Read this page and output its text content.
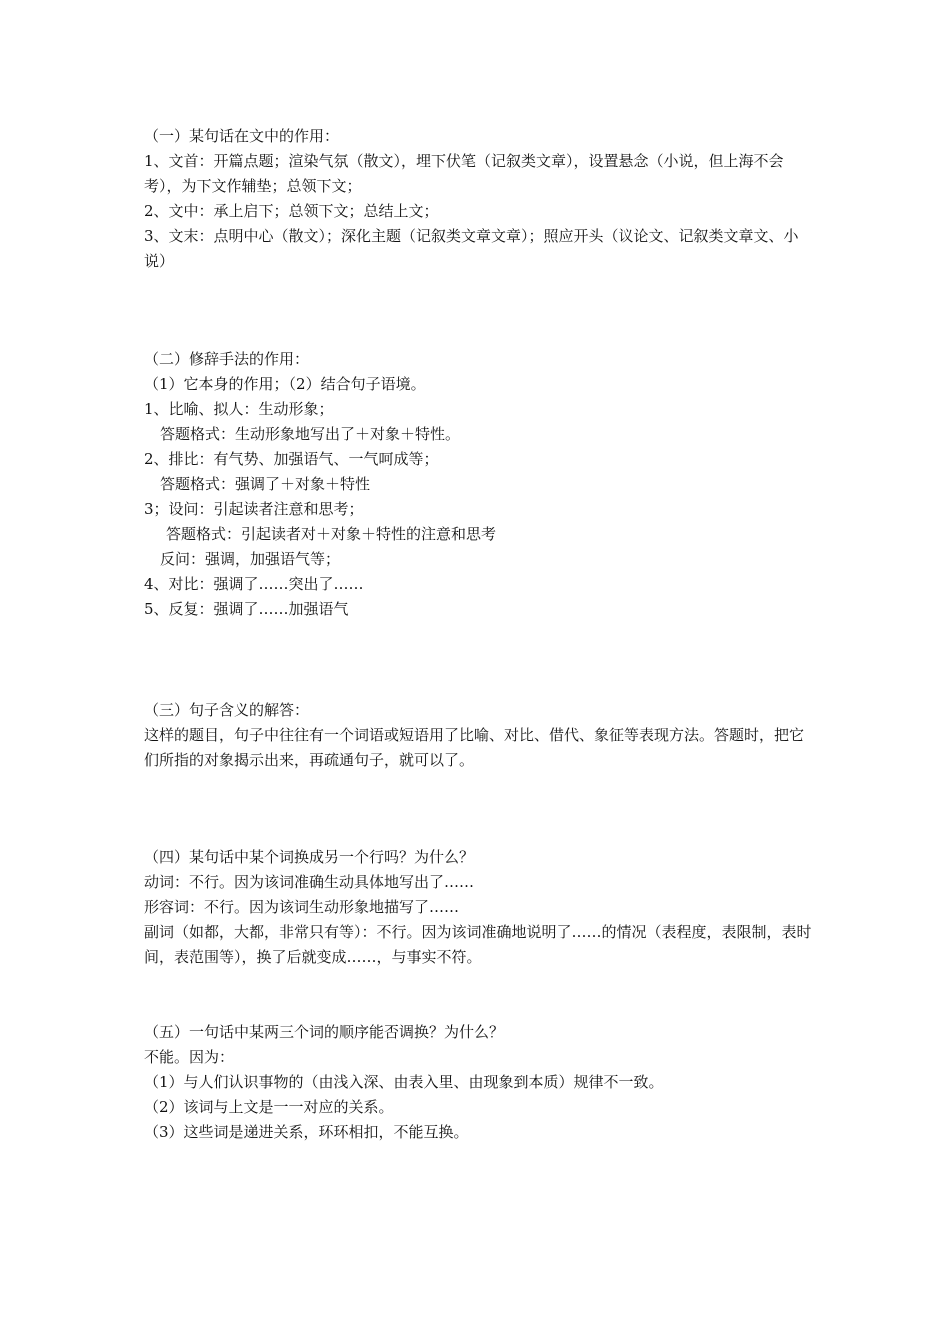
（一）某句话在文中的作用：
1、文首：开篇点题；渲染气氛（散文），埋下伏笔（记叙类文章），设置悬念（小说，但上海不会考），为下文作辅垫；总领下文；
2、文中：承上启下；总领下文；总结上文；
3、文末：点明中心（散文）；深化主题（记叙类文章文章）；照应开头（议论文、记叙类文章文、小说）
（二）修辞手法的作用：
（1）它本身的作用；（2）结合句子语境。
1、比喻、拟人：生动形象；
答题格式：生动形象地写出了＋对象＋特性。
2、排比：有气势、加强语气、一气呵成等；
答题格式：强调了＋对象＋特性
3；设问：引起读者注意和思考；
答题格式：引起读者对＋对象＋特性的注意和思考
反问：强调，加强语气等；
4、对比：强调了……突出了……
5、反复：强调了……加强语气
（三）句子含义的解答：
这样的题目，句子中往往有一个词语或短语用了比喻、对比、借代、象征等表现方法。答题时，把它们所指的对象揭示出来，再疏通句子，就可以了。
（四）某句话中某个词换成另一个行吗？为什么？
动词：不行。因为该词准确生动具体地写出了……
形容词：不行。因为该词生动形象地描写了……
副词（如都，大都，非常只有等）：不行。因为该词准确地说明了……的情况（表程度，表限制，表时间，表范围等），换了后就变成……，与事实不符。
（五）一句话中某两三个词的顺序能否调换？为什么？
不能。因为：
（1）与人们认识事物的（由浅入深、由表入里、由现象到本质）规律不一致。
（2）该词与上文是一一对应的关系。
（3）这些词是递进关系，环环相扣，不能互换。
